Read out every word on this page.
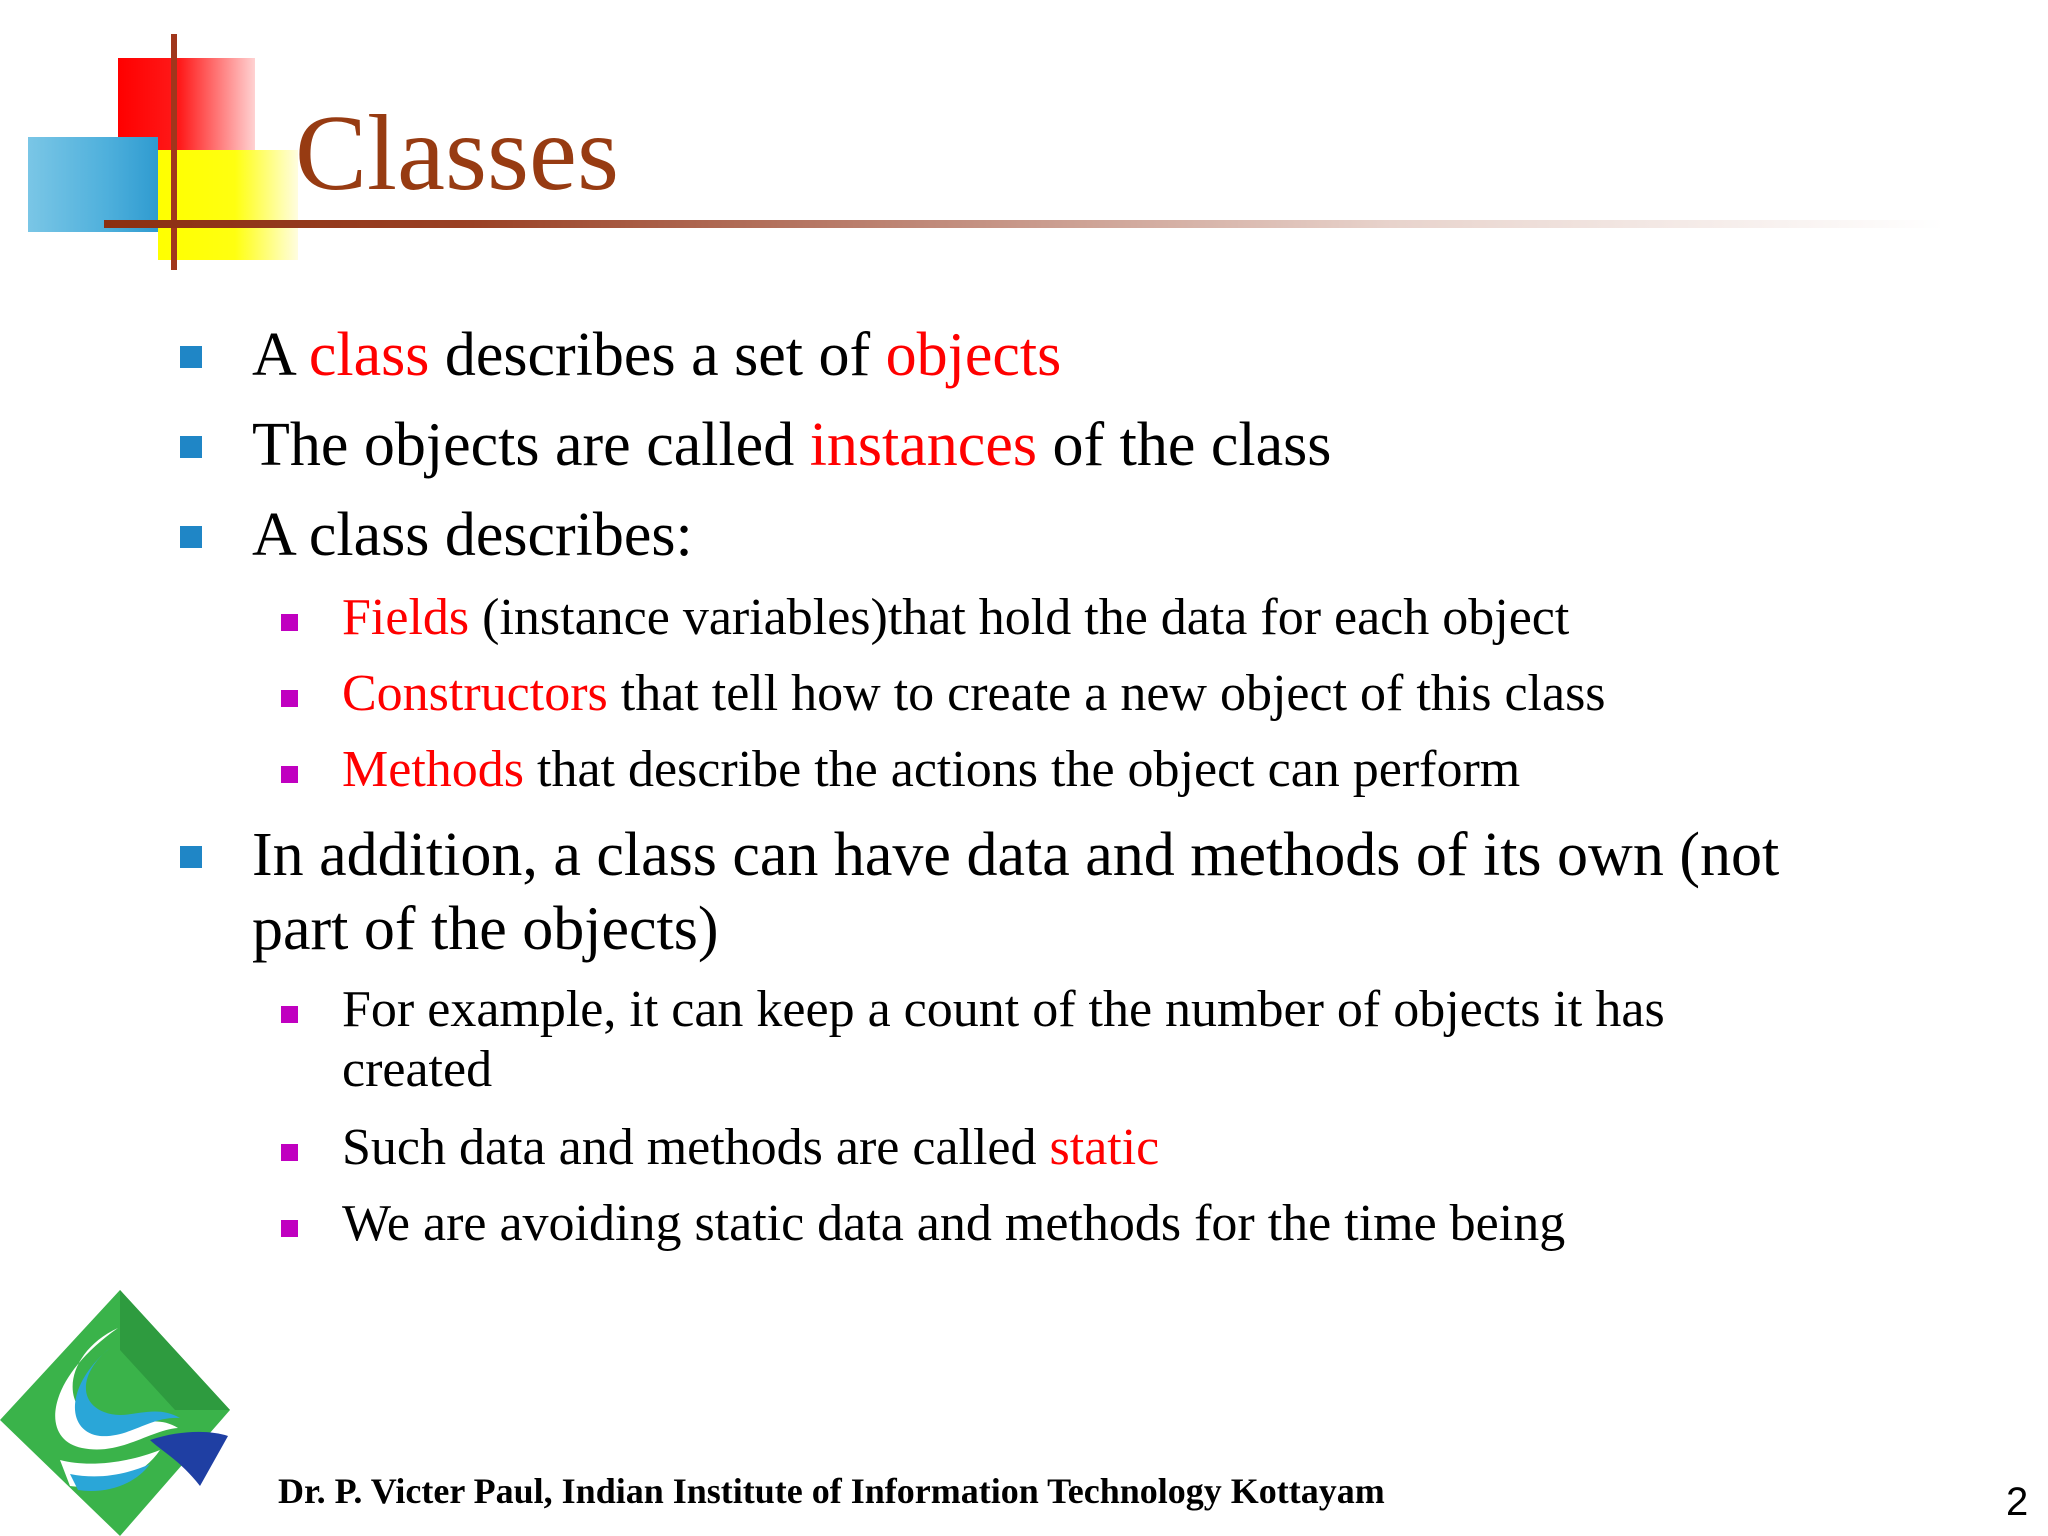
Classes
A class describes a set of objects
The objects are called instances of the class
A class describes:
Fields (instance variables)that hold the data for each object
Constructors that tell how to create a new object of this class
Methods that describe the actions the object can perform
In addition, a class can have data and methods of its own (not part of the objects)
For example, it can keep a count of the number of objects it has created
Such data and methods are called static
We are avoiding static data and methods for the time being
Dr. P. Victer Paul, Indian Institute of Information Technology Kottayam	2
